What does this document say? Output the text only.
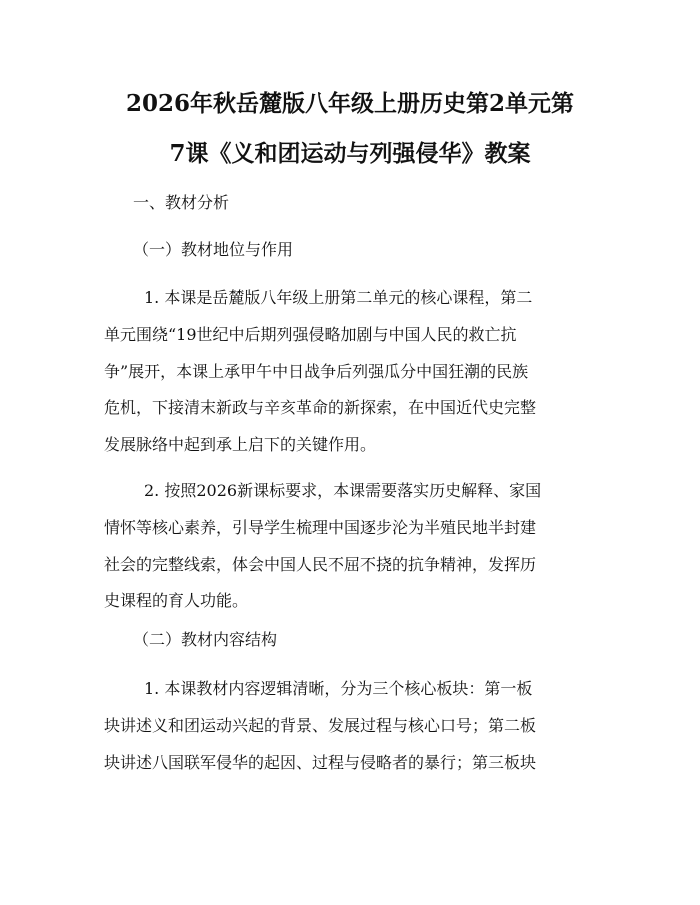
2026年秋岳麓版八年级上册历史第2单元第
7课《义和团运动与列强侵华》教案
一、教材分析
（一）教材地位与作用
1. 本课是岳麓版八年级上册第二单元的核心课程，第二
单元围绕“19世纪中后期列强侵略加剧与中国人民的救亡抗
争”展开，本课上承甲午中日战争后列强瓜分中国狂潮的民族
危机，下接清末新政与辛亥革命的新探索，在中国近代史完整
发展脉络中起到承上启下的关键作用。
2. 按照2026新课标要求，本课需要落实历史解释、家国
情怀等核心素养，引导学生梳理中国逐步沦为半殖民地半封建
社会的完整线索，体会中国人民不屈不挠的抗争精神，发挥历
史课程的育人功能。
（二）教材内容结构
1. 本课教材内容逻辑清晰，分为三个核心板块：第一板
块讲述义和团运动兴起的背景、发展过程与核心口号；第二板
块讲述八国联军侵华的起因、过程与侵略者的暴行；第三板块
